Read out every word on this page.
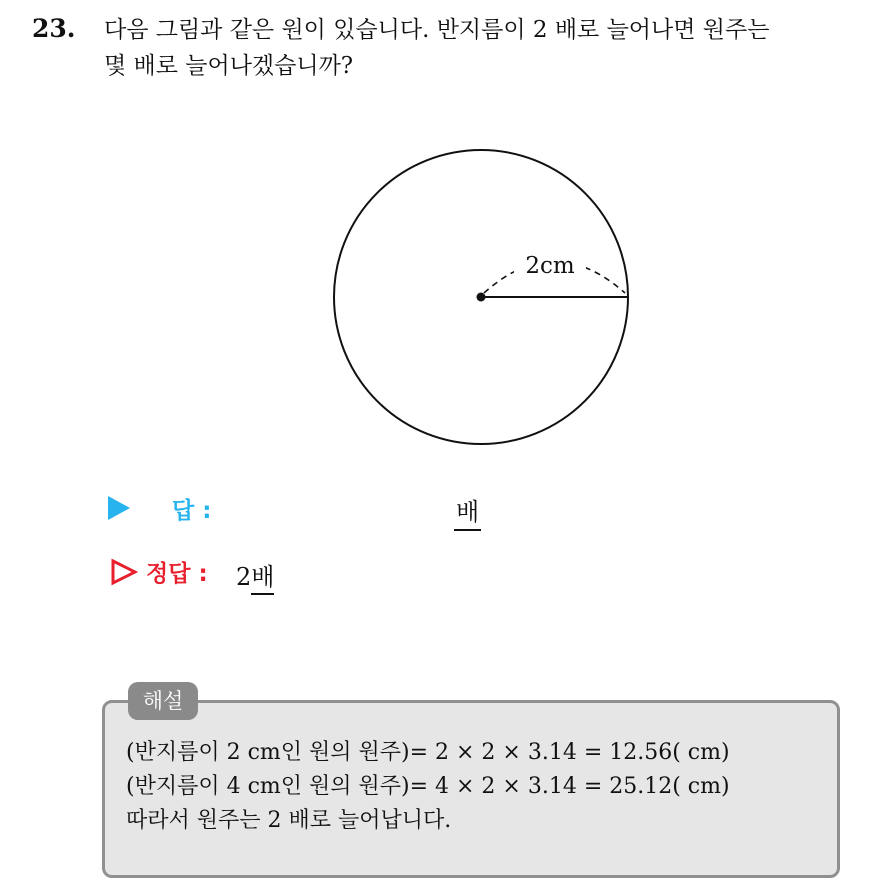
23. 다음 그림과 같은 원이 있습니다. 반지름이 2 배로 늘어나면 원주는
몇 배로 늘어나겠습니까?
2cm
답 :	배
정답 : 2배
해설
(반지름이 2 cm인 원의 원주)= 2 × 2 × 3.14 = 12.56( cm)
(반지름이 4 cm인 원의 원주)= 4 × 2 × 3.14 = 25.12( cm)
따라서 원주는 2 배로 늘어납니다.
